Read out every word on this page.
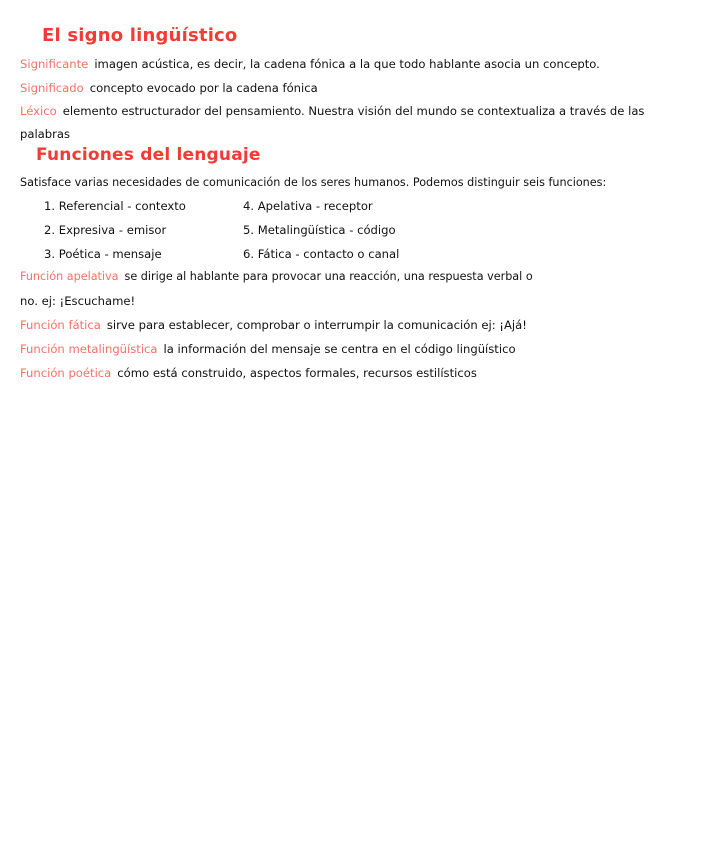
El signo lingüístico
Significante imagen acústica, es decir, la cadena fónica a la que todo hablante asocia un concepto.
Significado concepto evocado por la cadena fónica
Léxico elemento estructurador del pensamiento. Nuestra visión del mundo se contextualiza a través de las
palabras
Funciones del lenguaje
Satisface varias necesidades de comunicación de los seres humanos. Podemos distinguir seis funciones:
1. Referencial - contexto
2. Expresiva - emisor
3. Poética - mensaje
4. Apelativa - receptor
5. Metalingüística - código
6. Fática - contacto o canal
Función apelativa se dirige al hablante para provocar una reacción, una respuesta verbal o
no. ej: ¡Escuchame!
Función fática sirve para establecer, comprobar o interrumpir la comunicación ej: ¡Ajá!
Función metalingüística la información del mensaje se centra en el código lingüístico
Función poética cómo está construido, aspectos formales, recursos estilísticos
